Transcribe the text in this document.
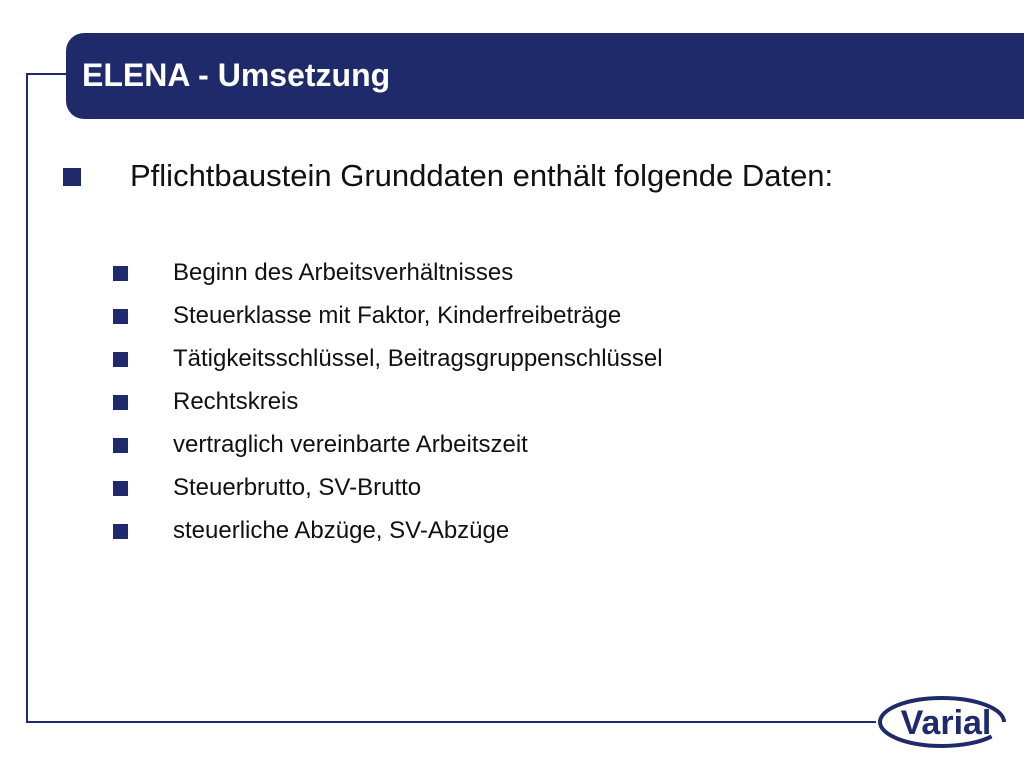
ELENA - Umsetzung
Pflichtbaustein Grunddaten enthält folgende Daten:
Beginn des Arbeitsverhältnisses
Steuerklasse mit Faktor, Kinderfreibeträge
Tätigkeitsschlüssel, Beitragsgruppenschlüssel
Rechtskreis
vertraglich vereinbarte Arbeitszeit
Steuerbrutto, SV-Brutto
steuerliche Abzüge, SV-Abzüge
Varial
